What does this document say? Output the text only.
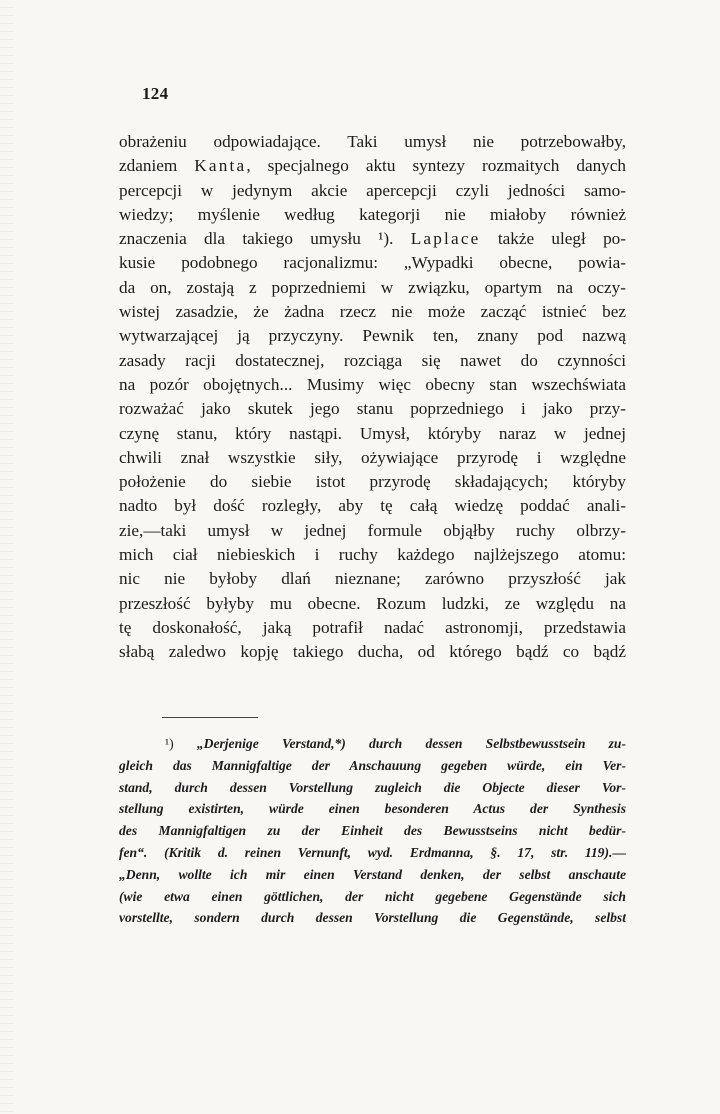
124
obrażeniu odpowiadające. Taki umysł nie potrzebowałby,
zdaniem Kanta, specjalnego aktu syntezy rozmaitych danych
percepcji w jedynym akcie apercepcji czyli jedności samo-
wiedzy; myślenie według kategorji nie miałoby również
znaczenia dla takiego umysłu ¹). Laplace także uległ po-
kusie podobnego racjonalizmu: „Wypadki obecne, powia-
da on, zostają z poprzedniemi w związku, opartym na oczy-
wistej zasadzie, że żadna rzecz nie może zacząć istnieć bez
wytwarzającej ją przyczyny. Pewnik ten, znany pod nazwą
zasady racji dostatecznej, rozciąga się nawet do czynności
na pozór obojętnych... Musimy więc obecny stan wszechświata
rozważać jako skutek jego stanu poprzedniego i jako przy-
czynę stanu, który nastąpi. Umysł, któryby naraz w jednej
chwili znał wszystkie siły, ożywiające przyrodę i względne
położenie do siebie istot przyrodę składających; któryby
nadto był dość rozległy, aby tę całą wiedzę poddać anali-
zie,—taki umysł w jednej formule objąłby ruchy olbrzy-
mich ciał niebieskich i ruchy każdego najlżejszego atomu:
nic nie byłoby dlań nieznane; zarówno przyszłość jak
przeszłość byłyby mu obecne. Rozum ludzki, ze względu na
tę doskonałość, jaką potrafił nadać astronomji, przedstawia
słabą zaledwo kopję takiego ducha, od którego bądź co bądź
¹) „Derjenige Verstand,*) durch dessen Selbstbewusstsein zu-
gleich das Mannigfaltige der Anschauung gegeben würde, ein Ver-
stand, durch dessen Vorstellung zugleich die Objecte dieser Vor-
stellung existirten, würde einen besonderen Actus der Synthesis
des Mannigfaltigen zu der Einheit des Bewusstseins nicht bedür-
fen“. (Kritik d. reinen Vernunft, wyd. Erdmanna, §. 17, str. 119).—
„Denn, wollte ich mir einen Verstand denken, der selbst anschaute
(wie etwa einen göttlichen, der nicht gegebene Gegenstände sich
vorstellte, sondern durch dessen Vorstellung die Gegenstände, selbst
